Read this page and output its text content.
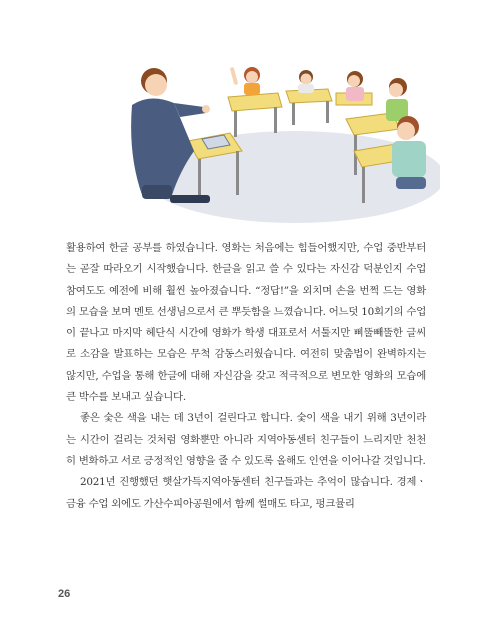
활용하여 한글 공부를 하였습니다. 영화는 처음에는 힘들어했지만, 수업 중반부터는 곧잘 따라오기 시작했습니다. 한글을 읽고 쓸 수 있다는 자신감 덕분인지 수업 참여도도 예전에 비해 훨씬 높아졌습니다. “정답!”을 외치며 손을 번쩍 드는 영화의 모습을 보며 멘토 선생님으로서 큰 뿌듯함을 느꼈습니다. 어느덧 10회기의 수업이 끝나고 마지막 헤단식 시간에 영화가 학생 대표로서 서툴지만 삐뚤빼뚤한 글씨로 소감을 발표하는 모습은 무척 감동스러웠습니다. 여전히 맞춤법이 완벽하지는 않지만, 수업을 통해 한글에 대해 자신감을 갖고 적극적으로 변모한 영화의 모습에 큰 박수를 보내고 싶습니다.

좋은 숯은 색을 내는 데 3년이 걸린다고 합니다. 숯이 색을 내기 위해 3년이라는 시간이 걸리는 것처럼 영화뿐만 아니라 지역아동센터 친구들이 느리지만 천천히 변화하고 서로 긍정적인 영향을 줄 수 있도록 올해도 인연을 이어나갈 것입니다.

2021년 진행했던 햇살가득지역아동센터 친구들과는 추억이 많습니다. 경제ㆍ금융 수업 외에도 가산수피아공원에서 함께 썰매도 타고, 펑크뮬리

26
